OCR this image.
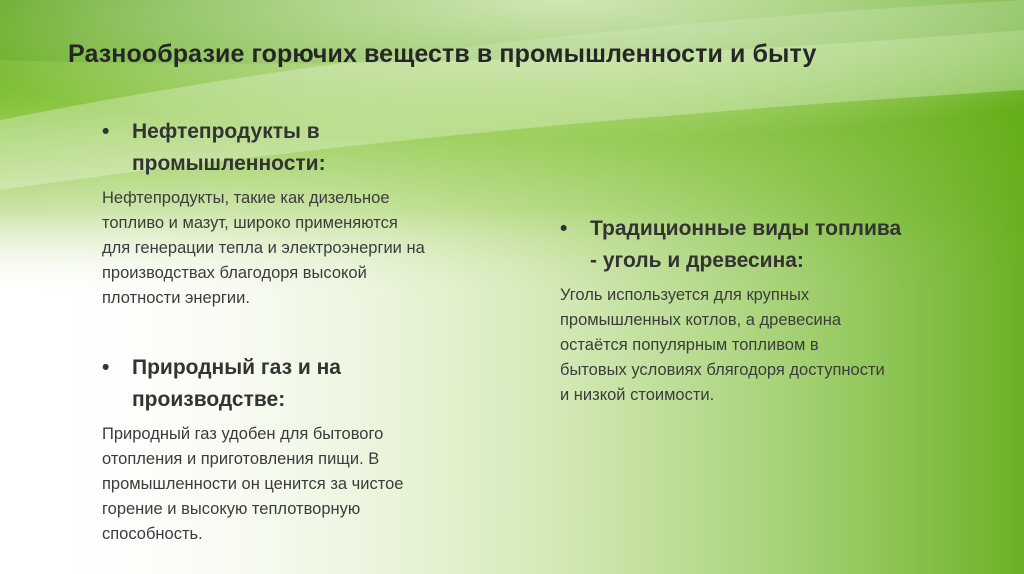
Разнообразие горючих веществ в промышленности и быту
• Нефтепродукты в
промышленности:
Нефтепродукты, такие как дизельное
топливо и мазут, широко применяются
для генерации тепла и электроэнергии на
производствах благодоря высокой
плотности энергии.
• Природный газ и на
производстве:
Природный газ удобен для бытового
отопления и приготовления пищи. В
промышленности он ценится за чистое
горение и высокую теплотворную
способность.
• Традиционные виды топлива
- уголь и древесина:
Уголь используется для крупных
промышленных котлов, а древесина
остаётся популярным топливом в
бытовых условиях блягодоря доступности
и низкой стоимости.
